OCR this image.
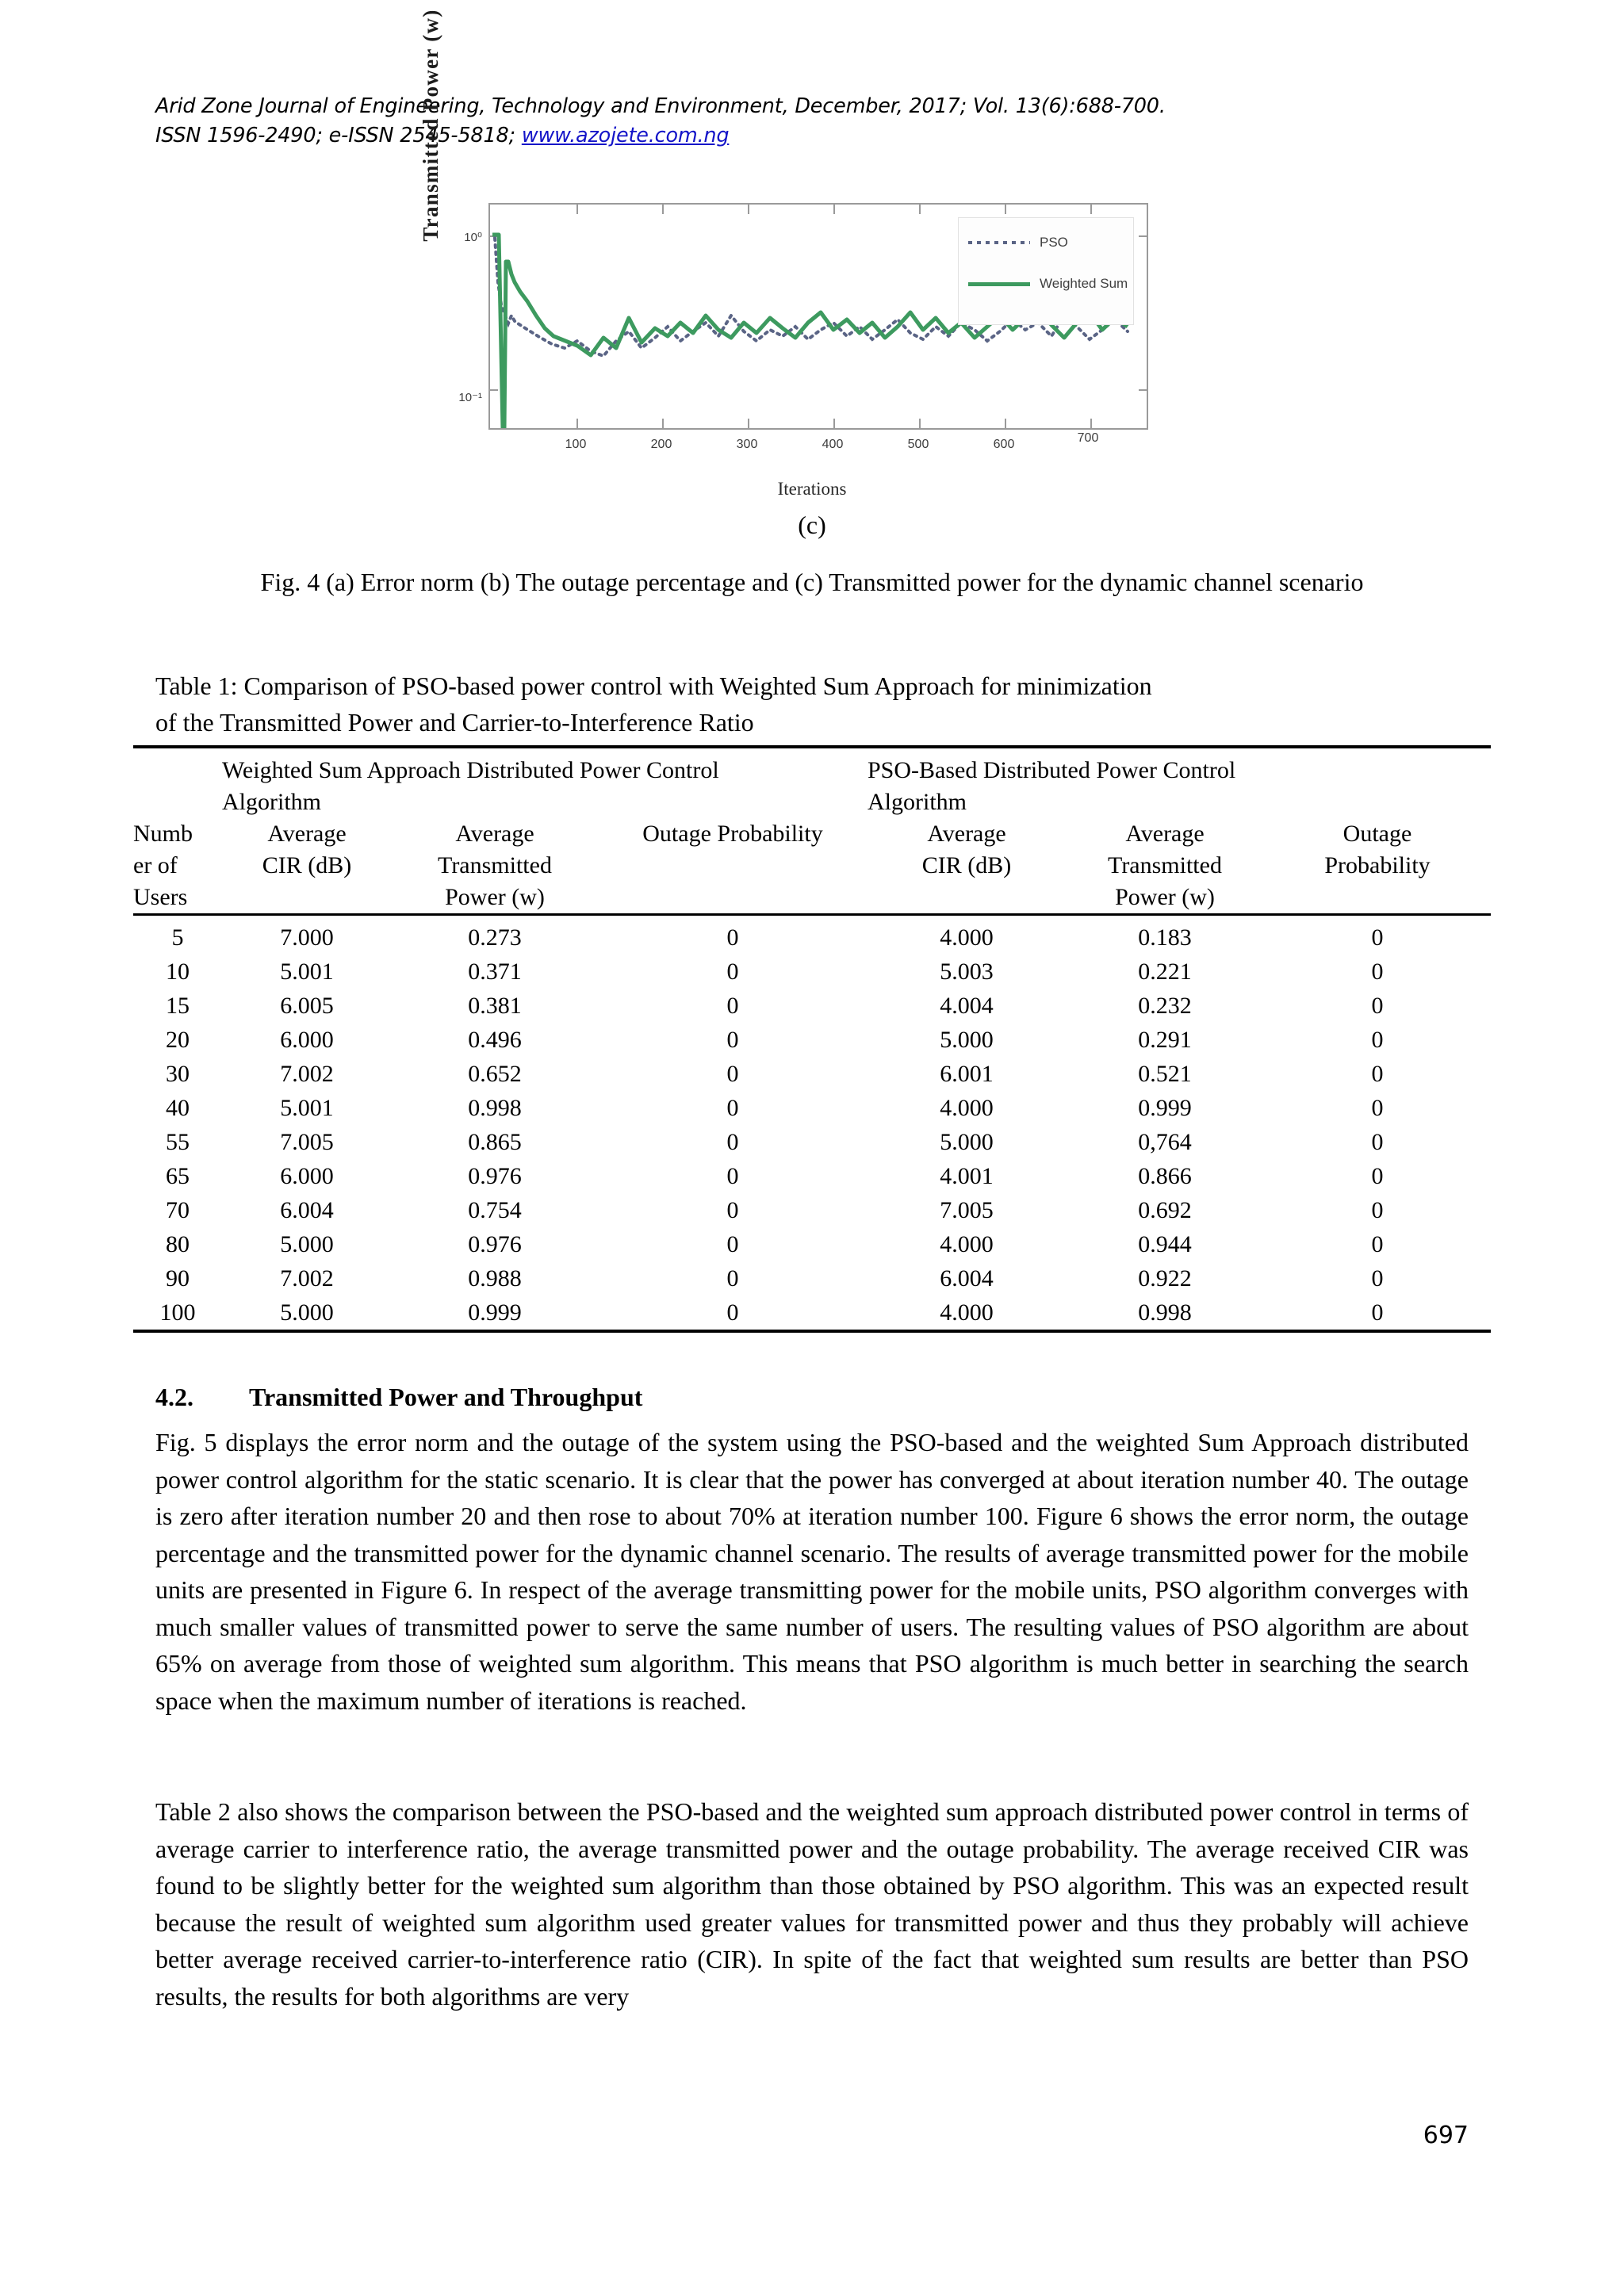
Arid Zone Journal of Engineering, Technology and Environment, December, 2017; Vol. 13(6):688-700.
ISSN 1596-2490; e-ISSN 2545-5818; www.azojete.com.ng
Transmitted Power (w)	10⁰
10⁻¹
PSO
Weighted Sum
100	200	300	400	500	600	700
Iterations
(c)
Fig. 4 (a) Error norm (b) The outage percentage and (c) Transmitted power for the dynamic channel scenario
Table 1: Comparison of PSO-based power control with Weighted Sum Approach for minimization
of the Transmitted Power and Carrier-to-Interference Ratio

	Weighted Sum Approach Distributed Power Control			PSO-Based Distributed Power Control		
	Algorithm			Algorithm		
Numb	Average	Average	Outage Probability	Average	Average	Outage
er of	CIR (dB)	Transmitted		CIR (dB)	Transmitted	Probability
Users		Power (w)			Power (w)	

5	7.000	0.273	0	4.000	0.183	0
10	5.001	0.371	0	5.003	0.221	0
15	6.005	0.381	0	4.004	0.232	0
20	6.000	0.496	0	5.000	0.291	0
30	7.002	0.652	0	6.001	0.521	0
40	5.001	0.998	0	4.000	0.999	0
55	7.005	0.865	0	5.000	0,764	0
65	6.000	0.976	0	4.001	0.866	0
70	6.004	0.754	0	7.005	0.692	0
80	5.000	0.976	0	4.000	0.944	0
90	7.002	0.988	0	6.004	0.922	0
100	5.000	0.999	0	4.000	0.998	0

4.2. Transmitted Power and Throughput
Fig. 5 displays the error norm and the outage of the system using the PSO-based and the weighted Sum Approach distributed power control algorithm for the static scenario. It is clear that the power has converged at about iteration number 40. The outage is zero after iteration number 20 and then rose to about 70% at iteration number 100. Figure 6 shows the error norm, the outage percentage and the transmitted power for the dynamic channel scenario. The results of average transmitted power for the mobile units are presented in Figure 6. In respect of the average transmitting power for the mobile units, PSO algorithm converges with much smaller values of transmitted power to serve the same number of users. The resulting values of PSO algorithm are about 65% on average from those of weighted sum algorithm. This means that PSO algorithm is much better in searching the search space when the maximum number of iterations is reached.
Table 2 also shows the comparison between the PSO-based and the weighted sum approach distributed power control in terms of average carrier to interference ratio, the average transmitted power and the outage probability. The average received CIR was found to be slightly better for the weighted sum algorithm than those obtained by PSO algorithm. This was an expected result because the result of weighted sum algorithm used greater values for transmitted power and thus they probably will achieve better average received carrier-to-interference ratio (CIR). In spite of the fact that weighted sum results are better than PSO results, the results for both algorithms are very
697
